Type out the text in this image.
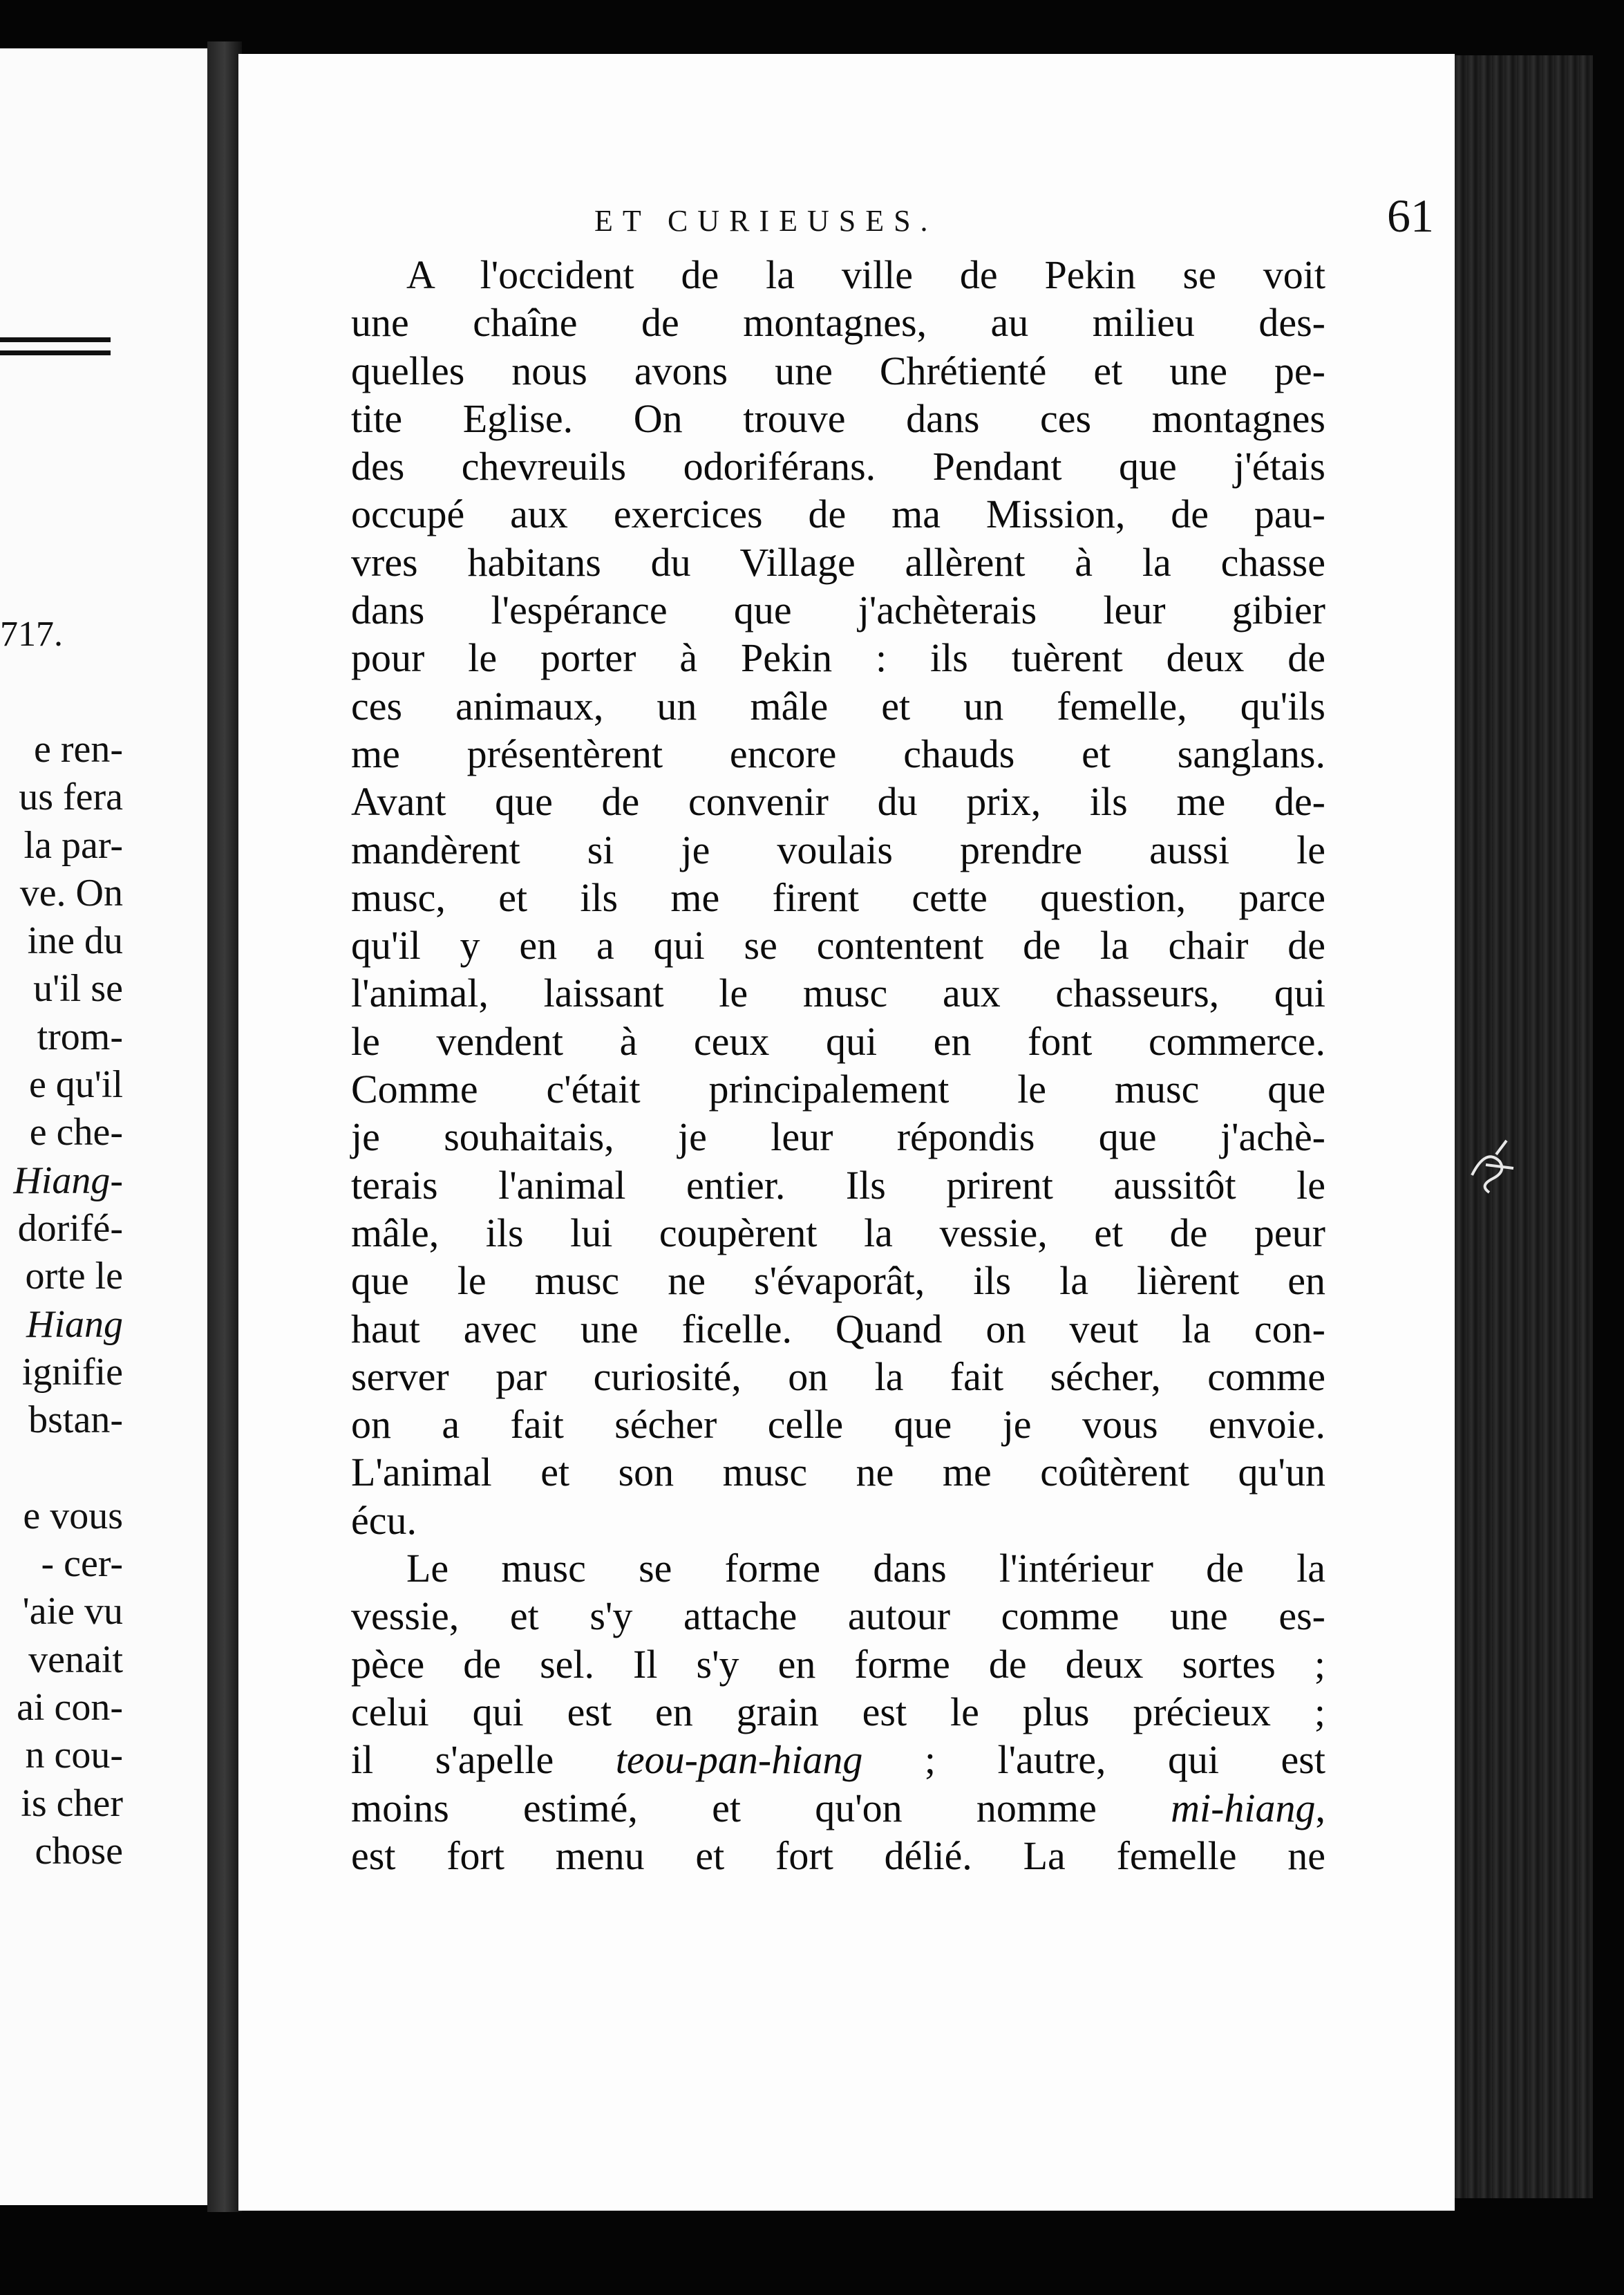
717.

e ren-
us fera
la par-
ve. On
ine du
u'il se
trom-
e qu'il
e che-
Hiang-
dorifé-
orte le
Hiang
ignifie
bstan-
e vous
- cer-
'aie vu
venait
ai con-
n cou-
is cher
chose

ET CURIEUSES.	61

A l'occident de la ville de Pekin se voit
une chaîne de montagnes, au milieu des-
quelles nous avons une Chrétienté et une pe-
tite Eglise. On trouve dans ces montagnes
des chevreuils odoriférans. Pendant que j'étais
occupé aux exercices de ma Mission, de pau-
vres habitans du Village allèrent à la chasse
dans l'espérance que j'achèterais leur gibier
pour le porter à Pekin : ils tuèrent deux de
ces animaux, un mâle et un femelle, qu'ils
me présentèrent encore chauds et sanglans.
Avant que de convenir du prix, ils me de-
mandèrent si je voulais prendre aussi le
musc, et ils me firent cette question, parce
qu'il y en a qui se contentent de la chair de
l'animal, laissant le musc aux chasseurs, qui
le vendent à ceux qui en font commerce.
Comme c'était principalement le musc que
je souhaitais, je leur répondis que j'achè-
terais l'animal entier. Ils prirent aussitôt le
mâle, ils lui coupèrent la vessie, et de peur
que le musc ne s'évaporât, ils la lièrent en
haut avec une ficelle. Quand on veut la con-
server par curiosité, on la fait sécher, comme
on a fait sécher celle que je vous envoie.
L'animal et son musc ne me coûtèrent qu'un
écu.

Le musc se forme dans l'intérieur de la
vessie, et s'y attache autour comme une es-
pèce de sel. Il s'y en forme de deux sortes ;
celui qui est en grain est le plus précieux ;
il s'apelle teou-pan-hiang ; l'autre, qui est
moins estimé, et qu'on nomme mi-hiang,
est fort menu et fort délié. La femelle ne
